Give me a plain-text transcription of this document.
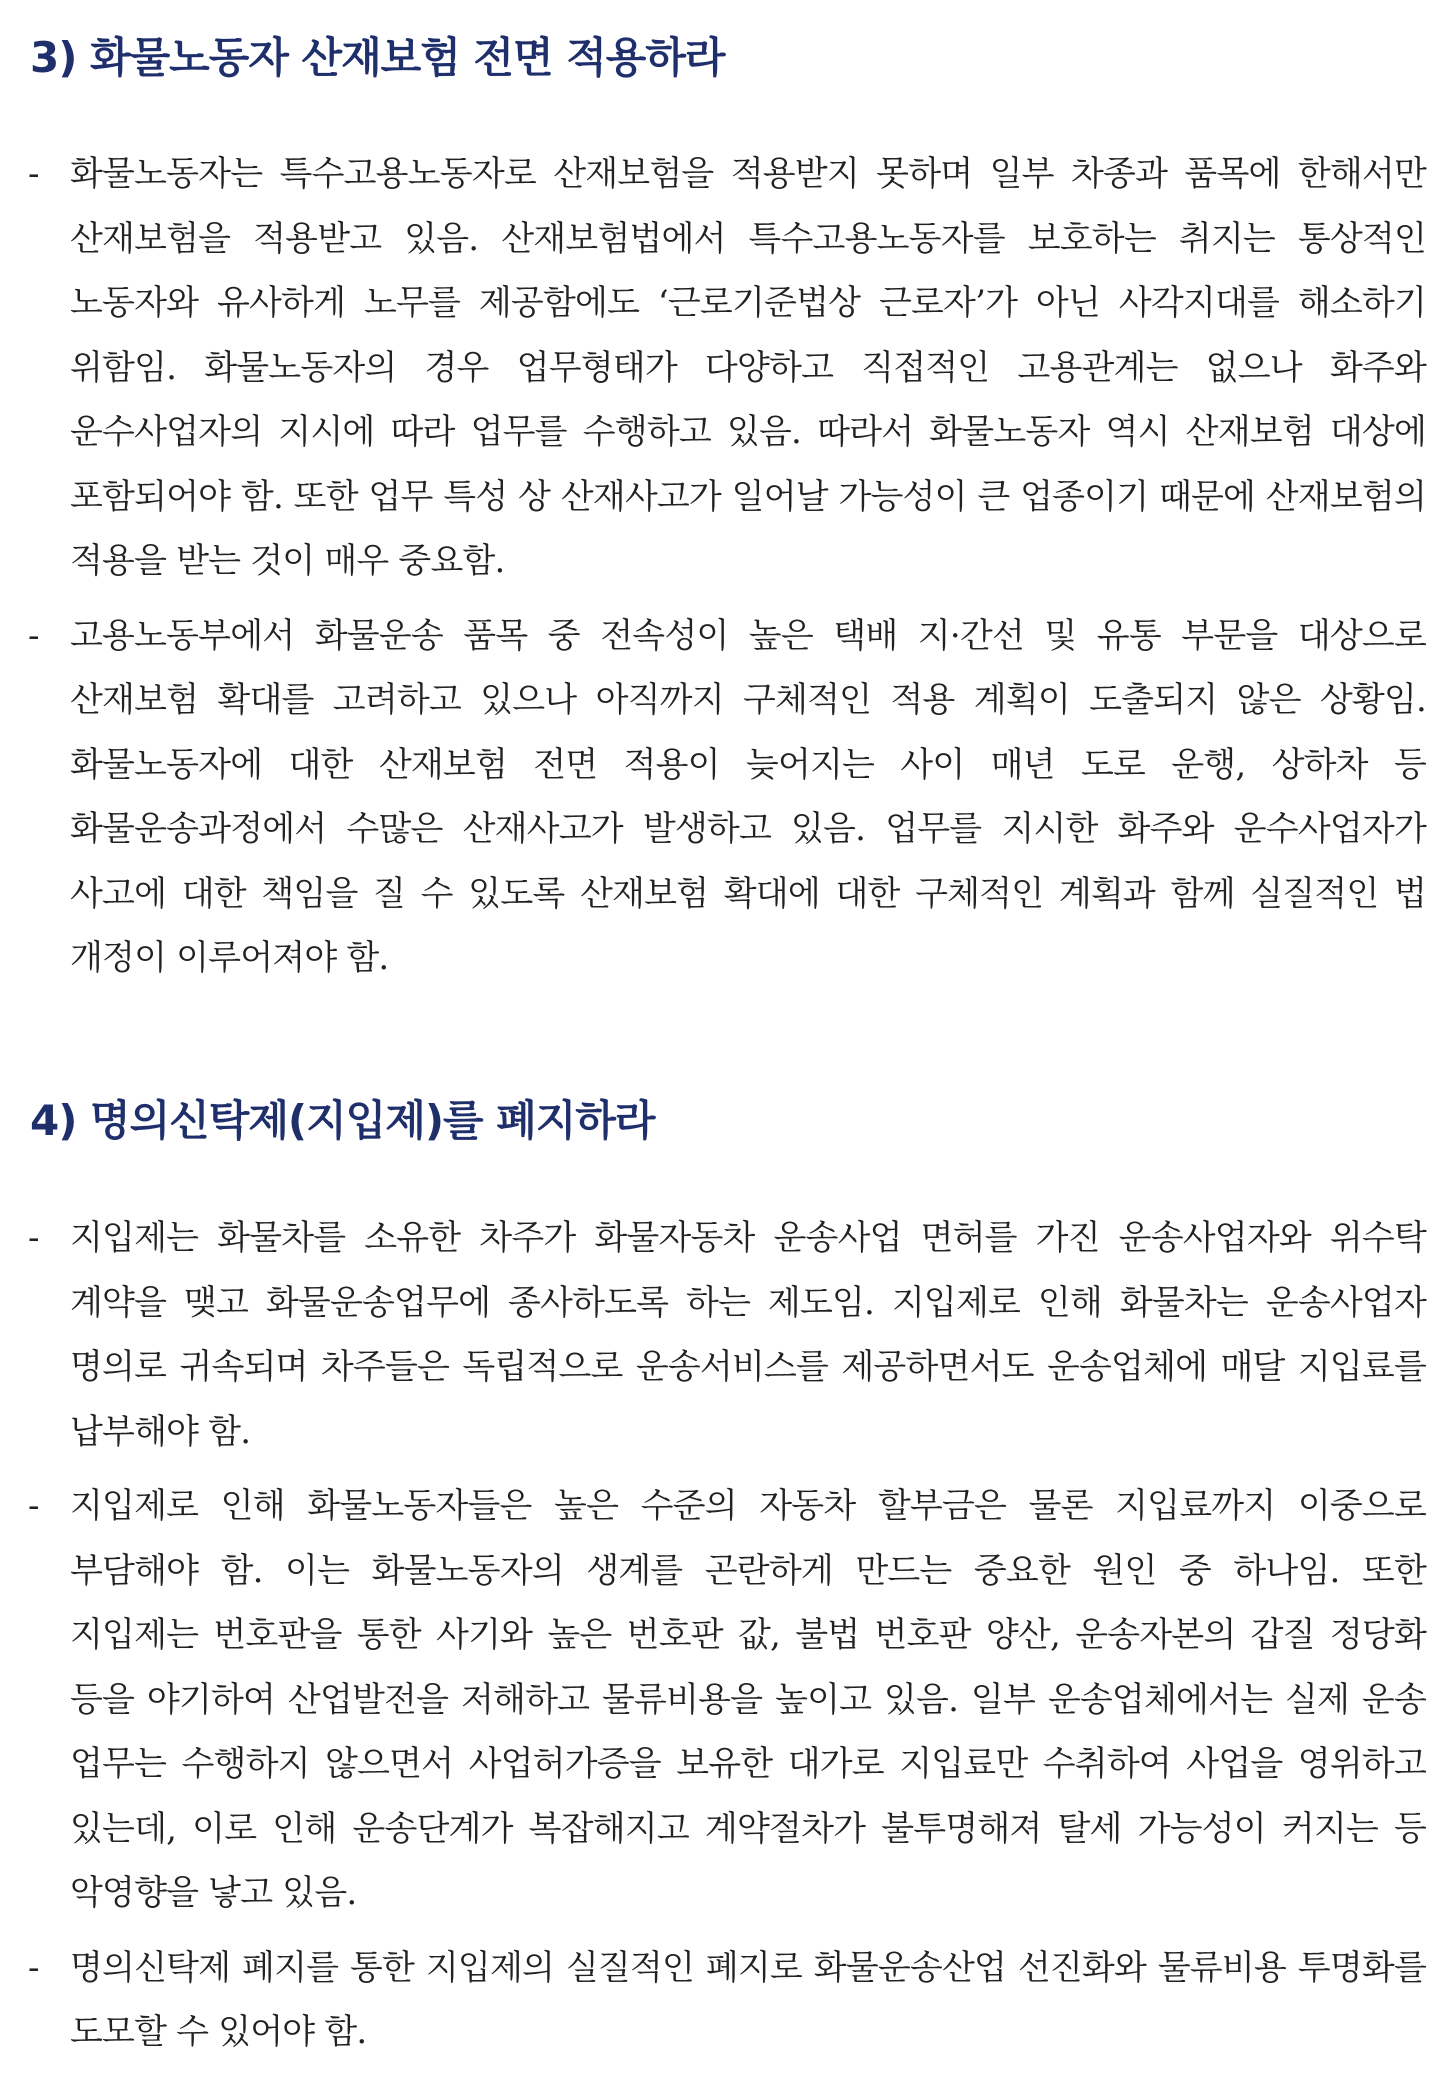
3) 화물노동자 산재보험 전면 적용하라

- 화물노동자는 특수고용노동자로 산재보험을 적용받지 못하며 일부 차종과 품목에 한해서만 산재보험을 적용받고 있음. 산재보험법에서 특수고용노동자를 보호하는 취지는 통상적인 노동자와 유사하게 노무를 제공함에도 ‘근로기준법상 근로자’가 아닌 사각지대를 해소하기 위함임. 화물노동자의 경우 업무형태가 다양하고 직접적인 고용관계는 없으나 화주와 운수사업자의 지시에 따라 업무를 수행하고 있음. 따라서 화물노동자 역시 산재보험 대상에 포함되어야 함. 또한 업무 특성 상 산재사고가 일어날 가능성이 큰 업종이기 때문에 산재보험의 적용을 받는 것이 매우 중요함.

- 고용노동부에서 화물운송 품목 중 전속성이 높은 택배 지·간선 및 유통 부문을 대상으로 산재보험 확대를 고려하고 있으나 아직까지 구체적인 적용 계획이 도출되지 않은 상황임. 화물노동자에 대한 산재보험 전면 적용이 늦어지는 사이 매년 도로 운행, 상하차 등 화물운송과정에서 수많은 산재사고가 발생하고 있음. 업무를 지시한 화주와 운수사업자가 사고에 대한 책임을 질 수 있도록 산재보험 확대에 대한 구체적인 계획과 함께 실질적인 법 개정이 이루어져야 함.

4) 명의신탁제(지입제)를 폐지하라

- 지입제는 화물차를 소유한 차주가 화물자동차 운송사업 면허를 가진 운송사업자와 위수탁 계약을 맺고 화물운송업무에 종사하도록 하는 제도임. 지입제로 인해 화물차는 운송사업자 명의로 귀속되며 차주들은 독립적으로 운송서비스를 제공하면서도 운송업체에 매달 지입료를 납부해야 함.

- 지입제로 인해 화물노동자들은 높은 수준의 자동차 할부금은 물론 지입료까지 이중으로 부담해야 함. 이는 화물노동자의 생계를 곤란하게 만드는 중요한 원인 중 하나임. 또한 지입제는 번호판을 통한 사기와 높은 번호판 값, 불법 번호판 양산, 운송자본의 갑질 정당화 등을 야기하여 산업발전을 저해하고 물류비용을 높이고 있음. 일부 운송업체에서는 실제 운송 업무는 수행하지 않으면서 사업허가증을 보유한 대가로 지입료만 수취하여 사업을 영위하고 있는데, 이로 인해 운송단계가 복잡해지고 계약절차가 불투명해져 탈세 가능성이 커지는 등 악영향을 낳고 있음.

- 명의신탁제 폐지를 통한 지입제의 실질적인 폐지로 화물운송산업 선진화와 물류비용 투명화를 도모할 수 있어야 함.
